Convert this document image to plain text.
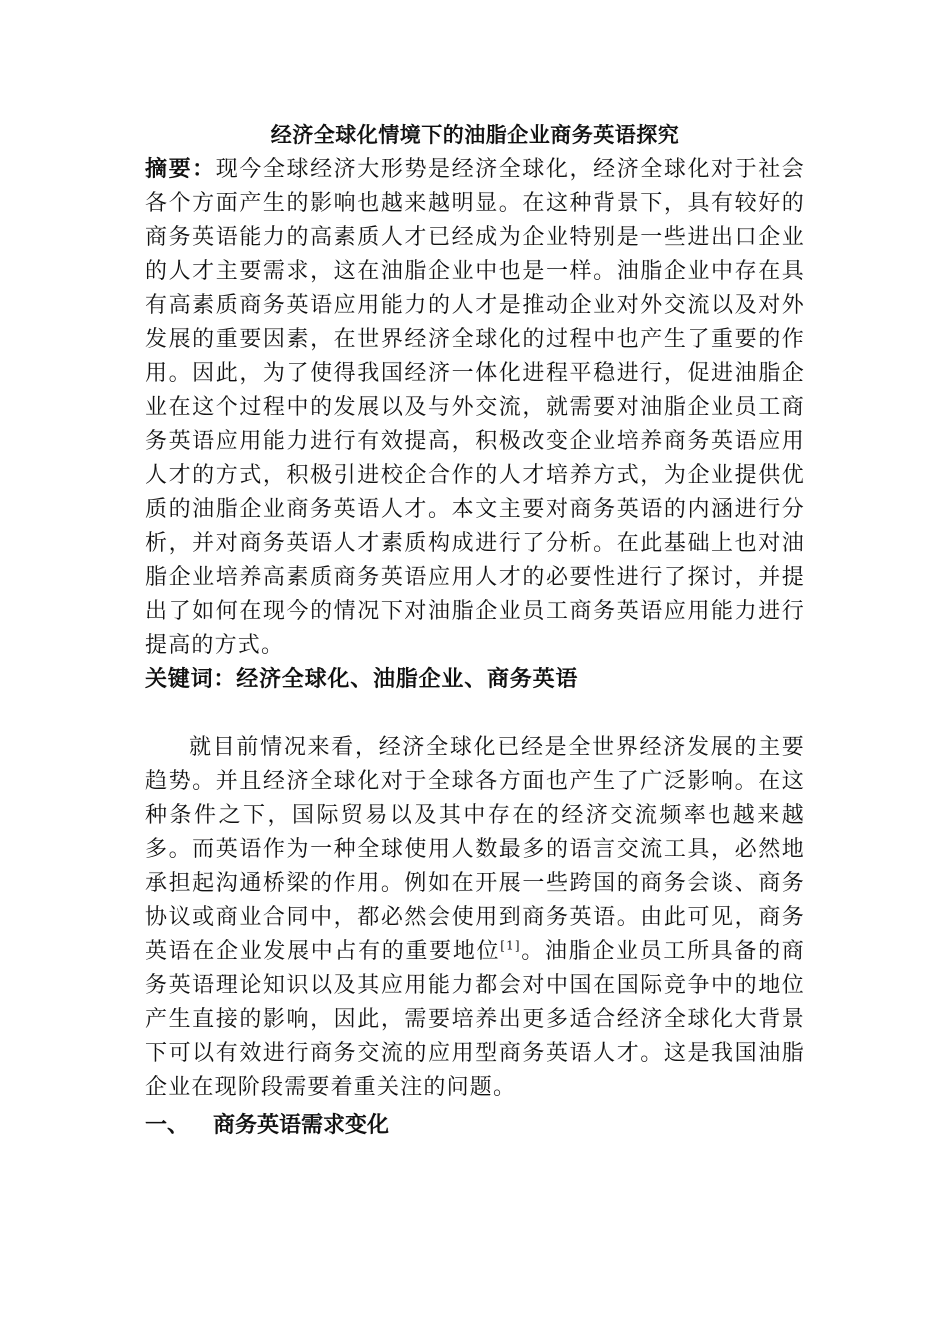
经济全球化情境下的油脂企业商务英语探究

摘要：现今全球经济大形势是经济全球化，经济全球化对于社会各个方面产生的影响也越来越明显。在这种背景下，具有较好的商务英语能力的高素质人才已经成为企业特别是一些进出口企业的人才主要需求，这在油脂企业中也是一样。油脂企业中存在具有高素质商务英语应用能力的人才是推动企业对外交流以及对外发展的重要因素，在世界经济全球化的过程中也产生了重要的作用。因此，为了使得我国经济一体化进程平稳进行，促进油脂企业在这个过程中的发展以及与外交流，就需要对油脂企业员工商务英语应用能力进行有效提高，积极改变企业培养商务英语应用人才的方式，积极引进校企合作的人才培养方式，为企业提供优质的油脂企业商务英语人才。本文主要对商务英语的内涵进行分析，并对商务英语人才素质构成进行了分析。在此基础上也对油脂企业培养高素质商务英语应用人才的必要性进行了探讨，并提出了如何在现今的情况下对油脂企业员工商务英语应用能力进行提高的方式。

关键词：经济全球化、油脂企业、商务英语

就目前情况来看，经济全球化已经是全世界经济发展的主要趋势。并且经济全球化对于全球各方面也产生了广泛影响。在这种条件之下，国际贸易以及其中存在的经济交流频率也越来越多。而英语作为一种全球使用人数最多的语言交流工具，必然地承担起沟通桥梁的作用。例如在开展一些跨国的商务会谈、商务协议或商业合同中，都必然会使用到商务英语。由此可见，商务英语在企业发展中占有的重要地位[1]。油脂企业员工所具备的商务英语理论知识以及其应用能力都会对中国在国际竞争中的地位产生直接的影响，因此，需要培养出更多适合经济全球化大背景下可以有效进行商务交流的应用型商务英语人才。这是我国油脂企业在现阶段需要着重关注的问题。

一、	商务英语需求变化
